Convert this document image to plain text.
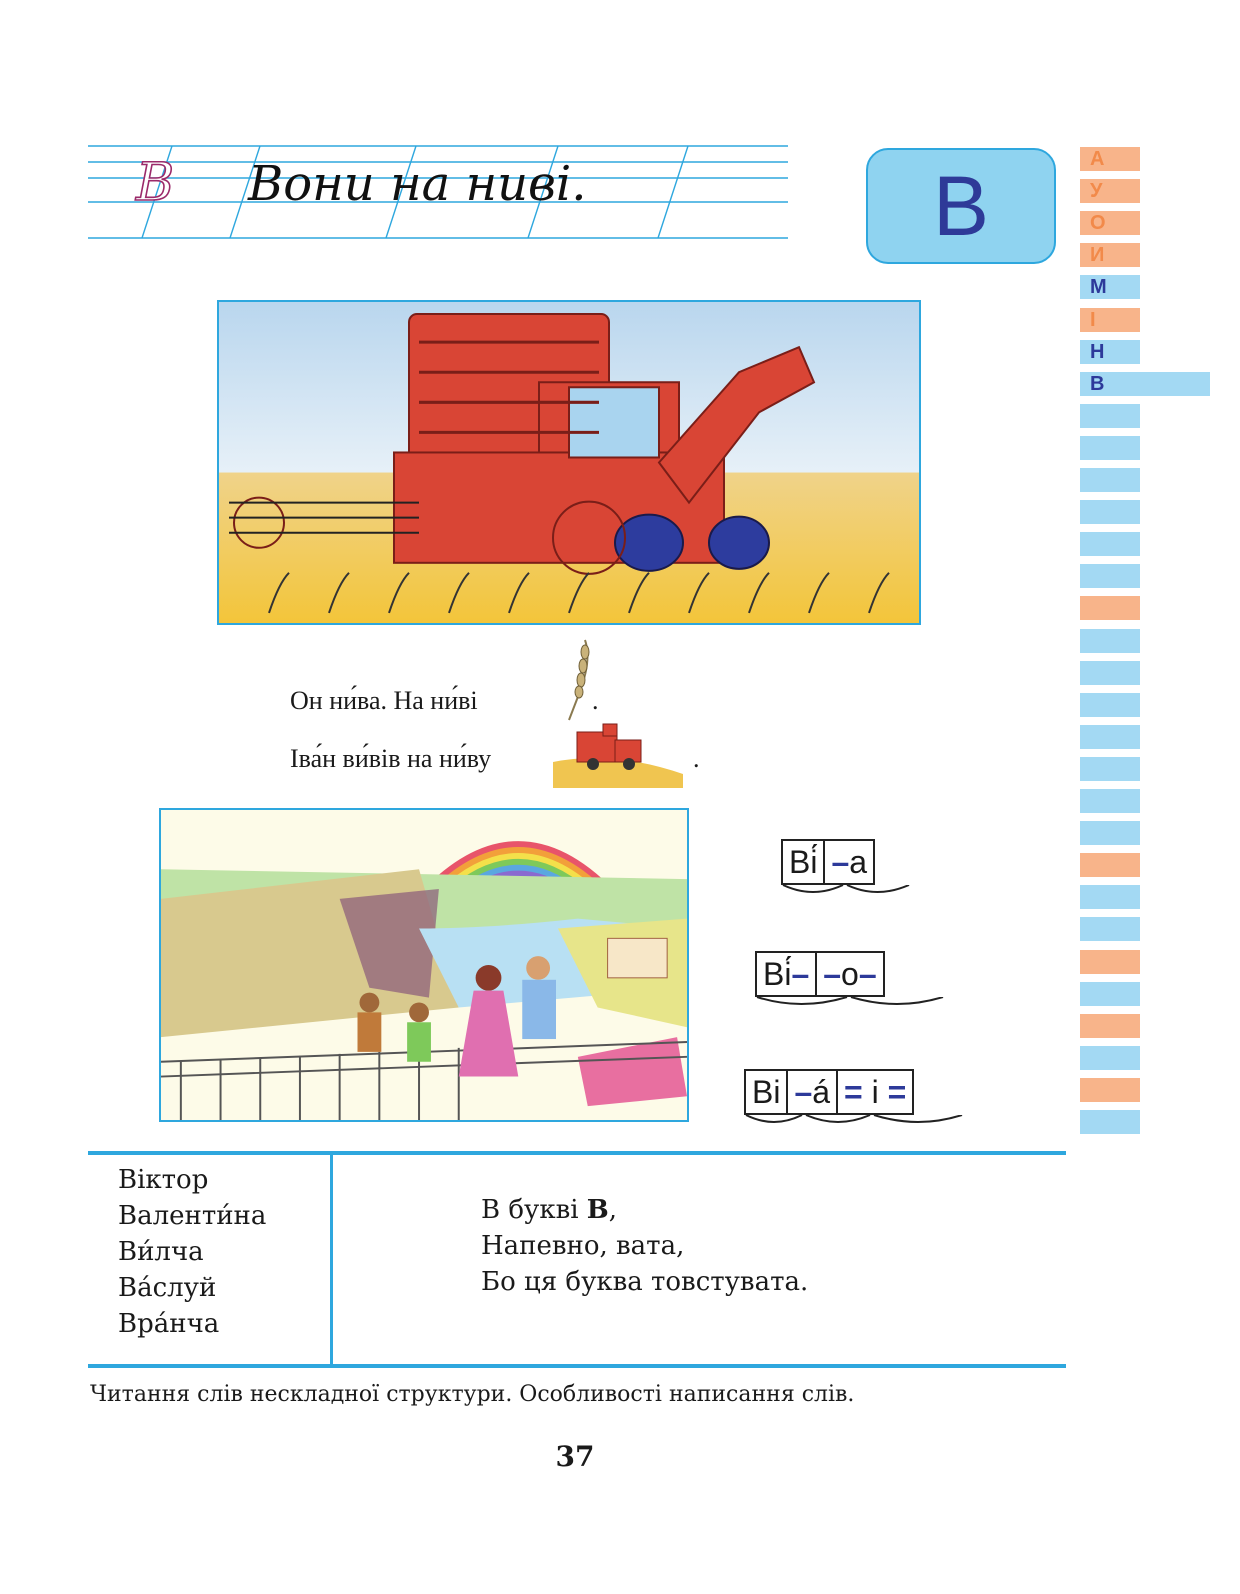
В Вони на ниві.	В	А
У
О
И
М
І
Н
В
Он ни́ва. На ни́ві	.
Іва́н ви́вів на ни́ву	.
Ві́ – а
Ві́ – – о –
Ві – á =
і
=
Віктор
Валенти́на
Ви́лча
Ва́слуй
Вра́нча
В букві В,
Напевно, вата,
Бо ця буква товстувата.
Читання слів нескладної структури. Особливості написання слів.
37
